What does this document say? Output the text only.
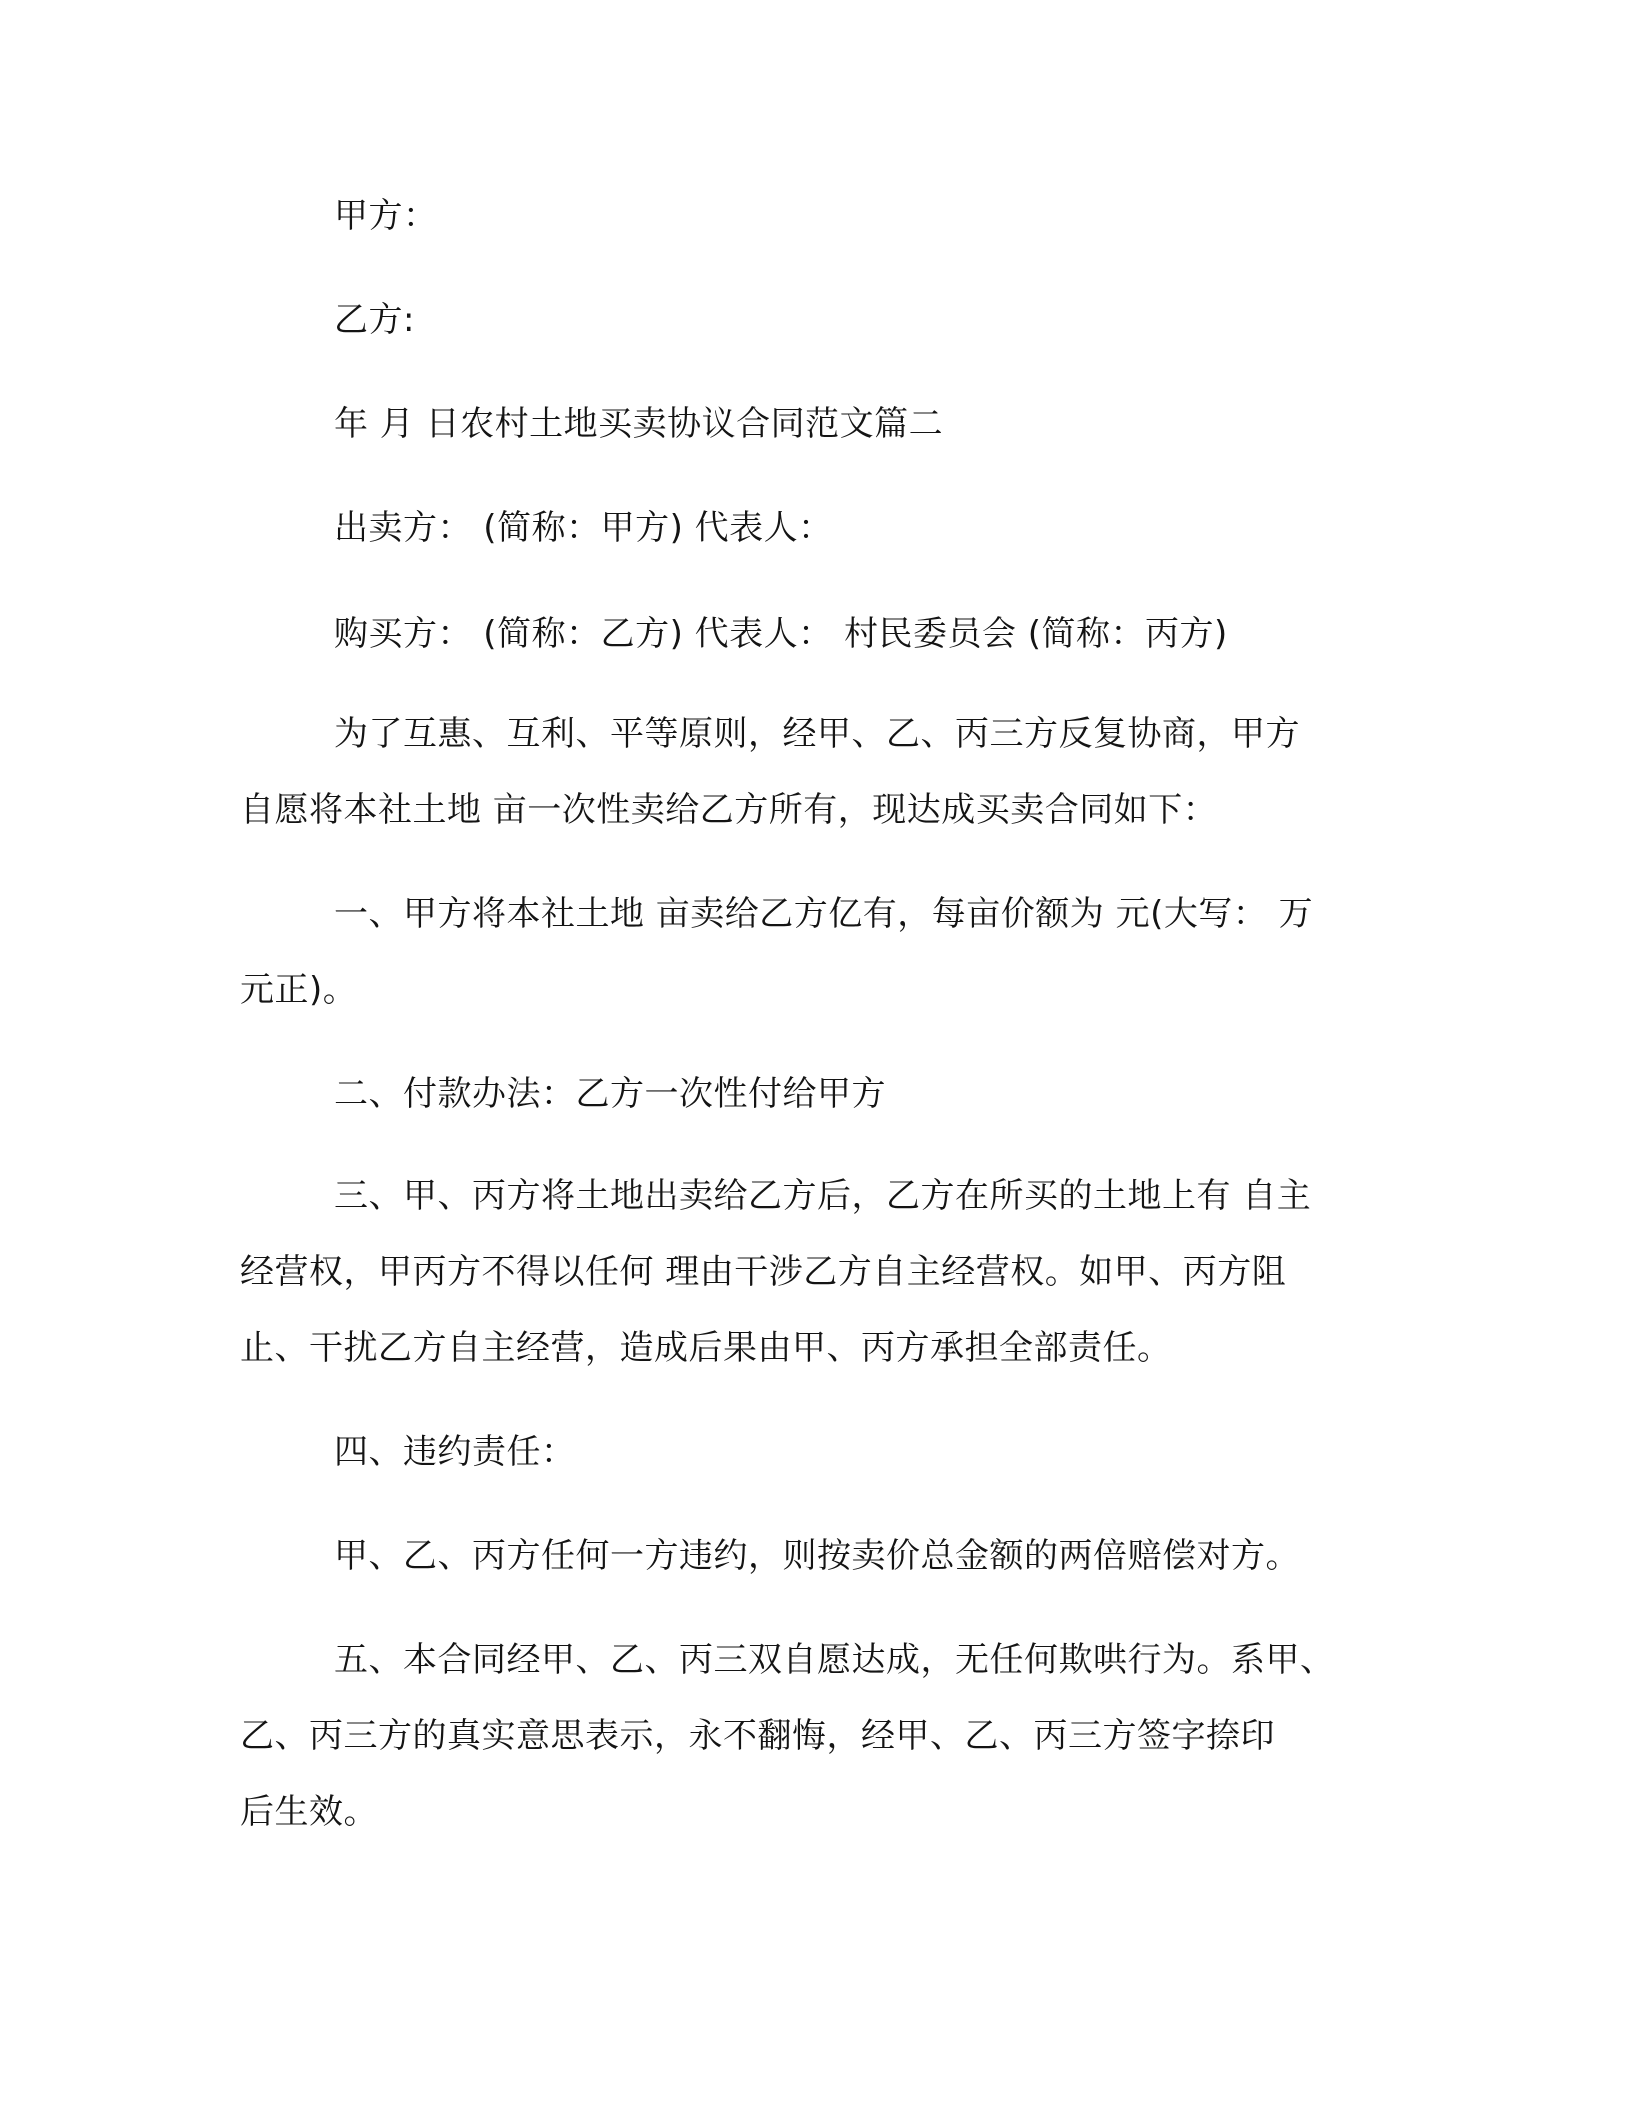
甲方：

乙方:

年 月 日农村土地买卖协议合同范文篇二

出卖方： (简称：甲方) 代表人：

购买方： (简称：乙方) 代表人： 村民委员会 (简称：丙方)

为了互惠、互利、平等原则，经甲、乙、丙三方反复协商，甲方

自愿将本社土地 亩一次性卖给乙方所有，现达成买卖合同如下：

一、甲方将本社土地 亩卖给乙方亿有，每亩价额为 元(大写： 万

元正)。

二、付款办法：乙方一次性付给甲方

三、甲、丙方将土地出卖给乙方后，乙方在所买的土地上有 自主

经营权，甲丙方不得以任何 理由干涉乙方自主经营权。如甲、丙方阻

止、干扰乙方自主经营，造成后果由甲、丙方承担全部责任。

四、违约责任：

甲、乙、丙方任何一方违约，则按卖价总金额的两倍赔偿对方。

五、本合同经甲、乙、丙三双自愿达成，无任何欺哄行为。系甲、

乙、丙三方的真实意思表示，永不翻悔，经甲、乙、丙三方签字捺印

后生效。
